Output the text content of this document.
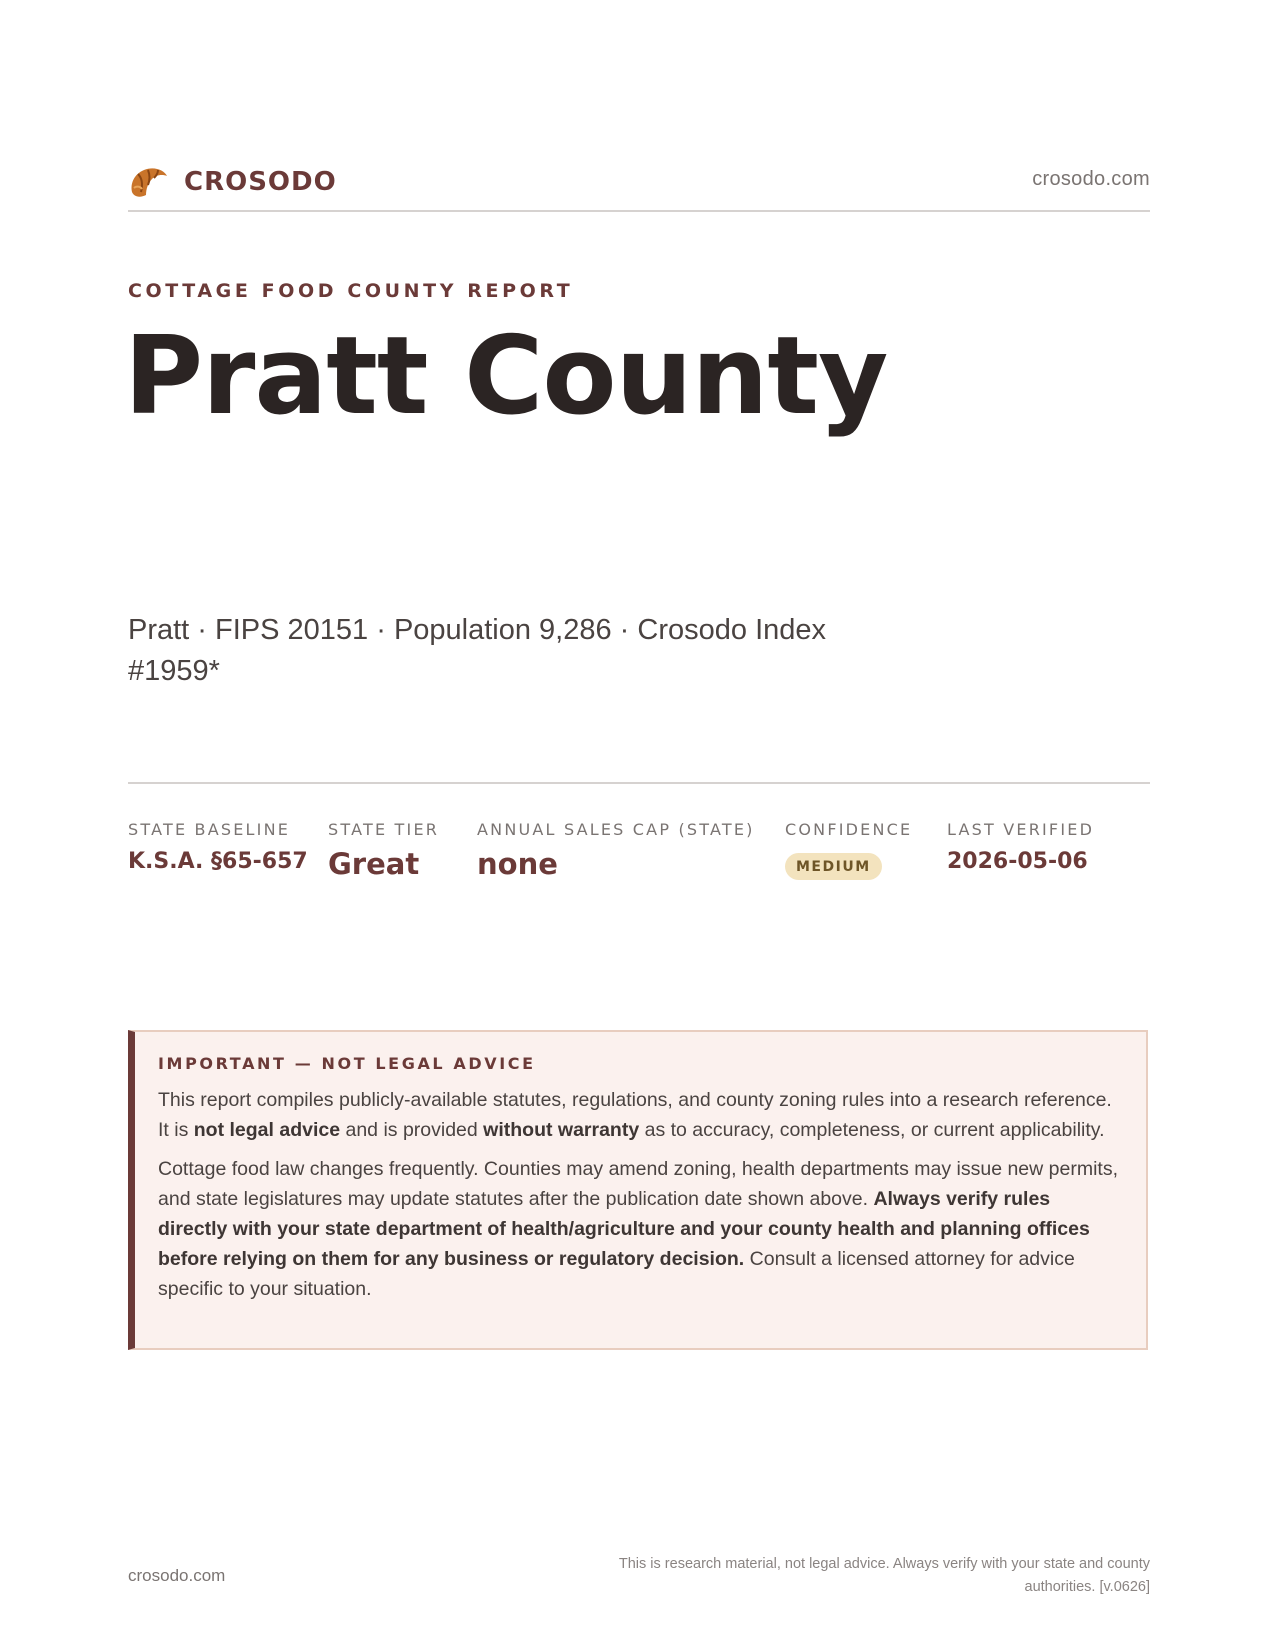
CROSODO	crosodo.com
COTTAGE FOOD COUNTY REPORT
Pratt County
Pratt · FIPS 20151 · Population 9,286 · Crosodo Index #1959*
STATE BASELINE
K.S.A. §65-657
STATE TIER
Great
ANNUAL SALES CAP (STATE)
none
CONFIDENCE
MEDIUM
LAST VERIFIED
2026-05-06
IMPORTANT — NOT LEGAL ADVICE
This report compiles publicly-available statutes, regulations, and county zoning rules into a research reference. It is not legal advice and is provided without warranty as to accuracy, completeness, or current applicability.
Cottage food law changes frequently. Counties may amend zoning, health departments may issue new permits, and state legislatures may update statutes after the publication date shown above. Always verify rules directly with your state department of health/agriculture and your county health and planning offices before relying on them for any business or regulatory decision. Consult a licensed attorney for advice specific to your situation.
crosodo.com
This is research material, not legal advice. Always verify with your state and county authorities. [v.0626]
